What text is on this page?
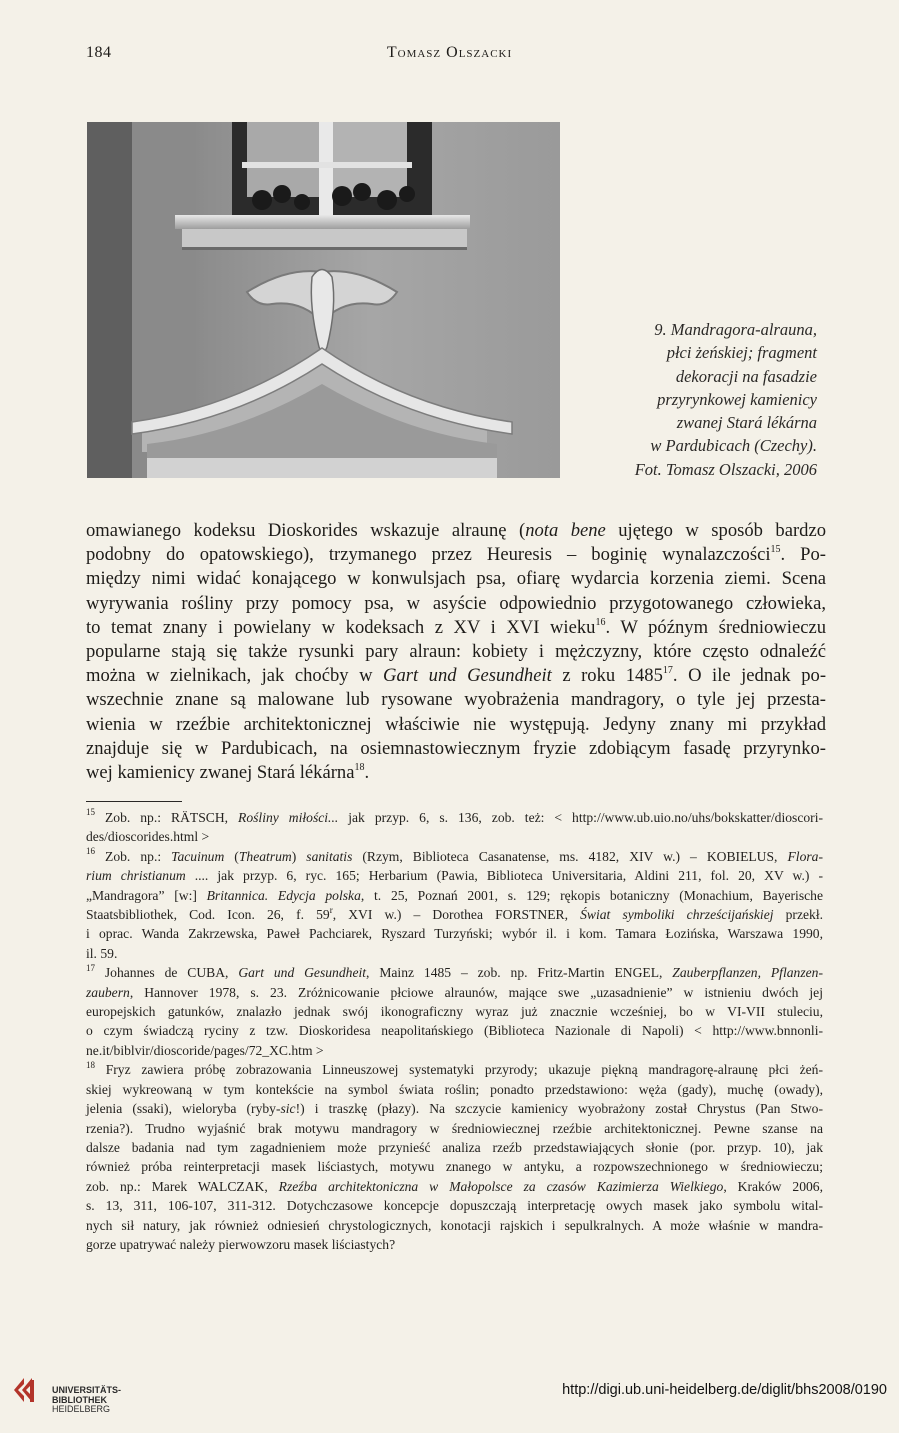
184	Tomasz Olszacki
9. Mandragora-alrauna,
płci żeńskiej; fragment
dekoracji na fasadzie
przyrynkowej kamienicy
zwanej Stará lékárna
w Pardubicach (Czechy).
Fot. Tomasz Olszacki, 2006
omawianego kodeksu Dioskorides wskazuje alraunę (nota bene ujętego w sposób bardzo
podobny do opatowskiego), trzymanego przez Heuresis – boginię wynalazczości$^{15}$. Po-
między nimi widać konającego w konwulsjach psa, ofiarę wydarcia korzenia ziemi. Scena
wyrywania rośliny przy pomocy psa, w asyście odpowiednio przygotowanego człowieka,
to temat znany i powielany w kodeksach z XV i XVI wieku$^{16}$. W późnym średniowieczu
popularne stają się także rysunki pary alraun: kobiety i mężczyzny, które często odnaleźć
można w zielnikach, jak choćby w Gart und Gesundheit z roku 1485$^{17}$. O ile jednak po-
wszechnie znane są malowane lub rysowane wyobrażenia mandragory, o tyle jej przesta-
wienia w rzeźbie architektonicznej właściwie nie występują. Jedyny znany mi przykład
znajduje się w Pardubicach, na osiemnastowiecznym fryzie zdobiącym fasadę przyrynko-
wej kamienicy zwanej Stará lékárna$^{18}$.
$^{15}$ Zob. np.: RÄTSCH, Rośliny miłości... jak przyp. 6, s. 136, zob. też: < http://www.ub.uio.no/uhs/bokskatter/dioscori-
des/dioscorides.html >
$^{16}$ Zob. np.: Tacuinum (Theatrum) sanitatis (Rzym, Biblioteca Casanatense, ms. 4182, XIV w.) – KOBIELUS, Flora-
rium christianum .... jak przyp. 6, ryc. 165; Herbarium (Pawia, Biblioteca Universitaria, Aldini 211, fol. 20, XV w.) -
„Mandragora” [w:] Britannica. Edycja polska, t. 25, Poznań 2001, s. 129; rękopis botaniczny (Monachium, Bayerische
Staatsbibliothek, Cod. Icon. 26, f. 59$^r$, XVI w.) – Dorothea FORSTNER, Świat symboliki chrześcijańskiej przekł.
i oprac. Wanda Zakrzewska, Paweł Pachciarek, Ryszard Turzyński; wybór il. i kom. Tamara Łozińska, Warszawa 1990,
il. 59.
$^{17}$ Johannes de CUBA, Gart und Gesundheit, Mainz 1485 – zob. np. Fritz-Martin ENGEL, Zauberpflanzen, Pflanzen-
zaubern, Hannover 1978, s. 23. Zróżnicowanie płciowe alraunów, mające swe „uzasadnienie” w istnieniu dwóch jej
europejskich gatunków, znalazło jednak swój ikonograficzny wyraz już znacznie wcześniej, bo w VI-VII stuleciu,
o czym świadczą ryciny z tzw. Dioskoridesa neapolitańskiego (Biblioteca Nazionale di Napoli) < http://www.bnnonli-
ne.it/biblvir/dioscoride/pages/72_XC.htm >
$^{18}$ Fryz zawiera próbę zobrazowania Linneuszowej systematyki przyrody; ukazuje piękną mandragorę-alraunę płci żeń-
skiej wykreowaną w tym kontekście na symbol świata roślin; ponadto przedstawiono: węża (gady), muchę (owady),
jelenia (ssaki), wieloryba (ryby-sic!) i traszkę (płazy). Na szczycie kamienicy wyobrażony został Chrystus (Pan Stwo-
rzenia?). Trudno wyjaśnić brak motywu mandragory w średniowiecznej rzeźbie architektonicznej. Pewne szanse na
dalsze badania nad tym zagadnieniem może przynieść analiza rzeźb przedstawiających słonie (por. przyp. 10), jak
również próba reinterpretacji masek liściastych, motywu znanego w antyku, a rozpowszechnionego w średniowieczu;
zob. np.: Marek WALCZAK, Rzeźba architektoniczna w Małopolsce za czasów Kazimierza Wielkiego, Kraków 2006,
s. 13, 311, 106-107, 311-312. Dotychczasowe koncepcje dopuszczają interpretację owych masek jako symbolu wital-
nych sił natury, jak również odniesień chrystologicznych, konotacji rajskich i sepulkralnych. A może właśnie w mandra-
gorze upatrywać należy pierwowzoru masek liściastych?
UNIVERSITÄTS-
BIBLIOTHEK
HEIDELBERG
http://digi.ub.uni-heidelberg.de/diglit/bhs2008/0190
